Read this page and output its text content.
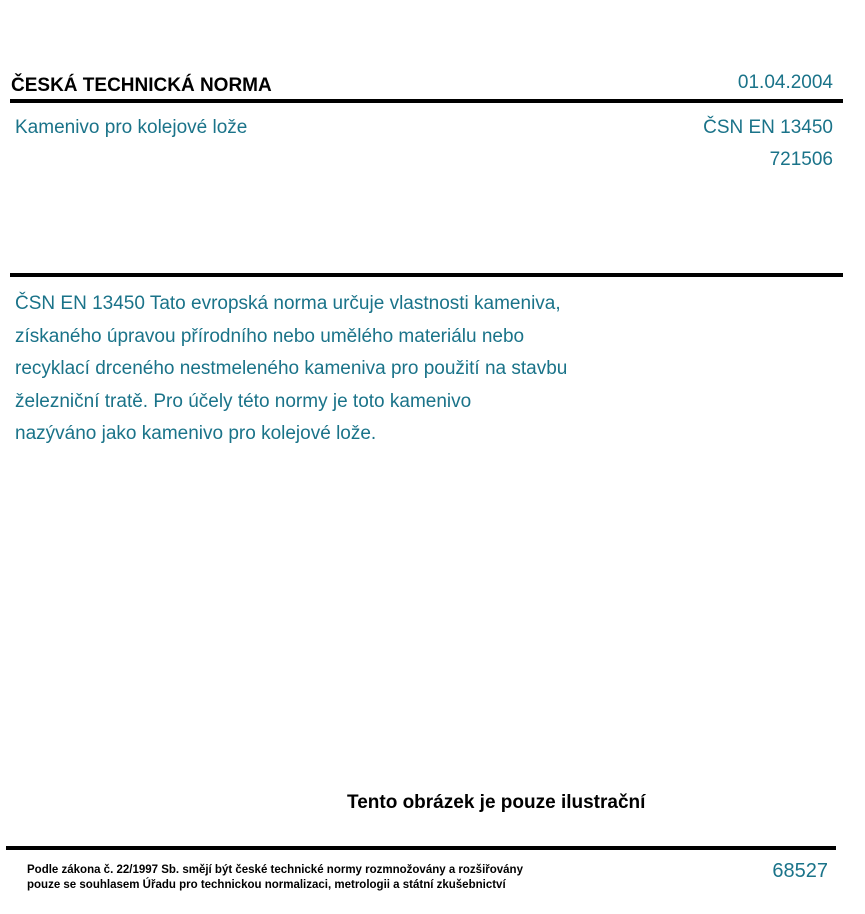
ČESKÁ TECHNICKÁ NORMA	01.04.2004
Kamenivo pro kolejové lože	ČSN EN 13450
721506
ČSN EN 13450 Tato evropská norma určuje vlastnosti kameniva,
získaného úpravou přírodního nebo umělého materiálu nebo
recyklací drceného nestmeleného kameniva pro použití na stavbu
železniční tratě. Pro účely této normy je toto kamenivo
nazýváno jako kamenivo pro kolejové lože.
Tento obrázek je pouze ilustrační
Podle zákona č. 22/1997 Sb. smějí být české technické normy rozmnožovány a rozšiřovány
pouze se souhlasem Úřadu pro technickou normalizaci, metrologii a státní zkušebnictví
68527
